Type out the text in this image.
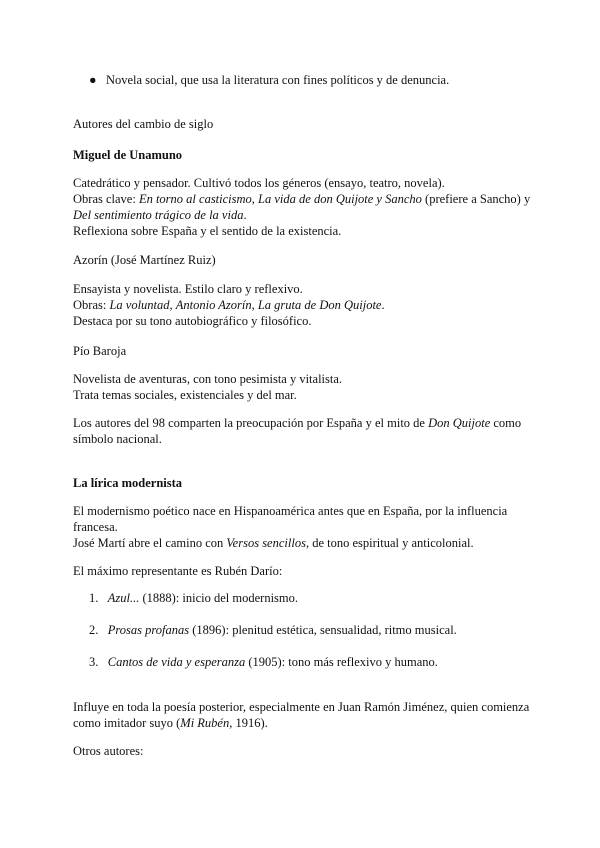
● Novela social, que usa la literatura con fines políticos y de denuncia.
Autores del cambio de siglo
Miguel de Unamuno
Catedrático y pensador. Cultivó todos los géneros (ensayo, teatro, novela).
Obras clave: En torno al casticismo, La vida de don Quijote y Sancho (prefiere a Sancho) y
Del sentimiento trágico de la vida.
Reflexiona sobre España y el sentido de la existencia.
Azorín (José Martínez Ruiz)
Ensayista y novelista. Estilo claro y reflexivo.
Obras: La voluntad, Antonio Azorín, La gruta de Don Quijote.
Destaca por su tono autobiográfico y filosófico.
Pío Baroja
Novelista de aventuras, con tono pesimista y vitalista.
Trata temas sociales, existenciales y del mar.
Los autores del 98 comparten la preocupación por España y el mito de Don Quijote como
símbolo nacional.
La lírica modernista
El modernismo poético nace en Hispanoamérica antes que en España, por la influencia
francesa.
José Martí abre el camino con Versos sencillos, de tono espiritual y anticolonial.
El máximo representante es Rubén Darío:
1. Azul... (1888): inicio del modernismo.
2. Prosas profanas (1896): plenitud estética, sensualidad, ritmo musical.
3. Cantos de vida y esperanza (1905): tono más reflexivo y humano.
Influye en toda la poesía posterior, especialmente en Juan Ramón Jiménez, quien comienza
como imitador suyo (Mi Rubén, 1916).
Otros autores:
